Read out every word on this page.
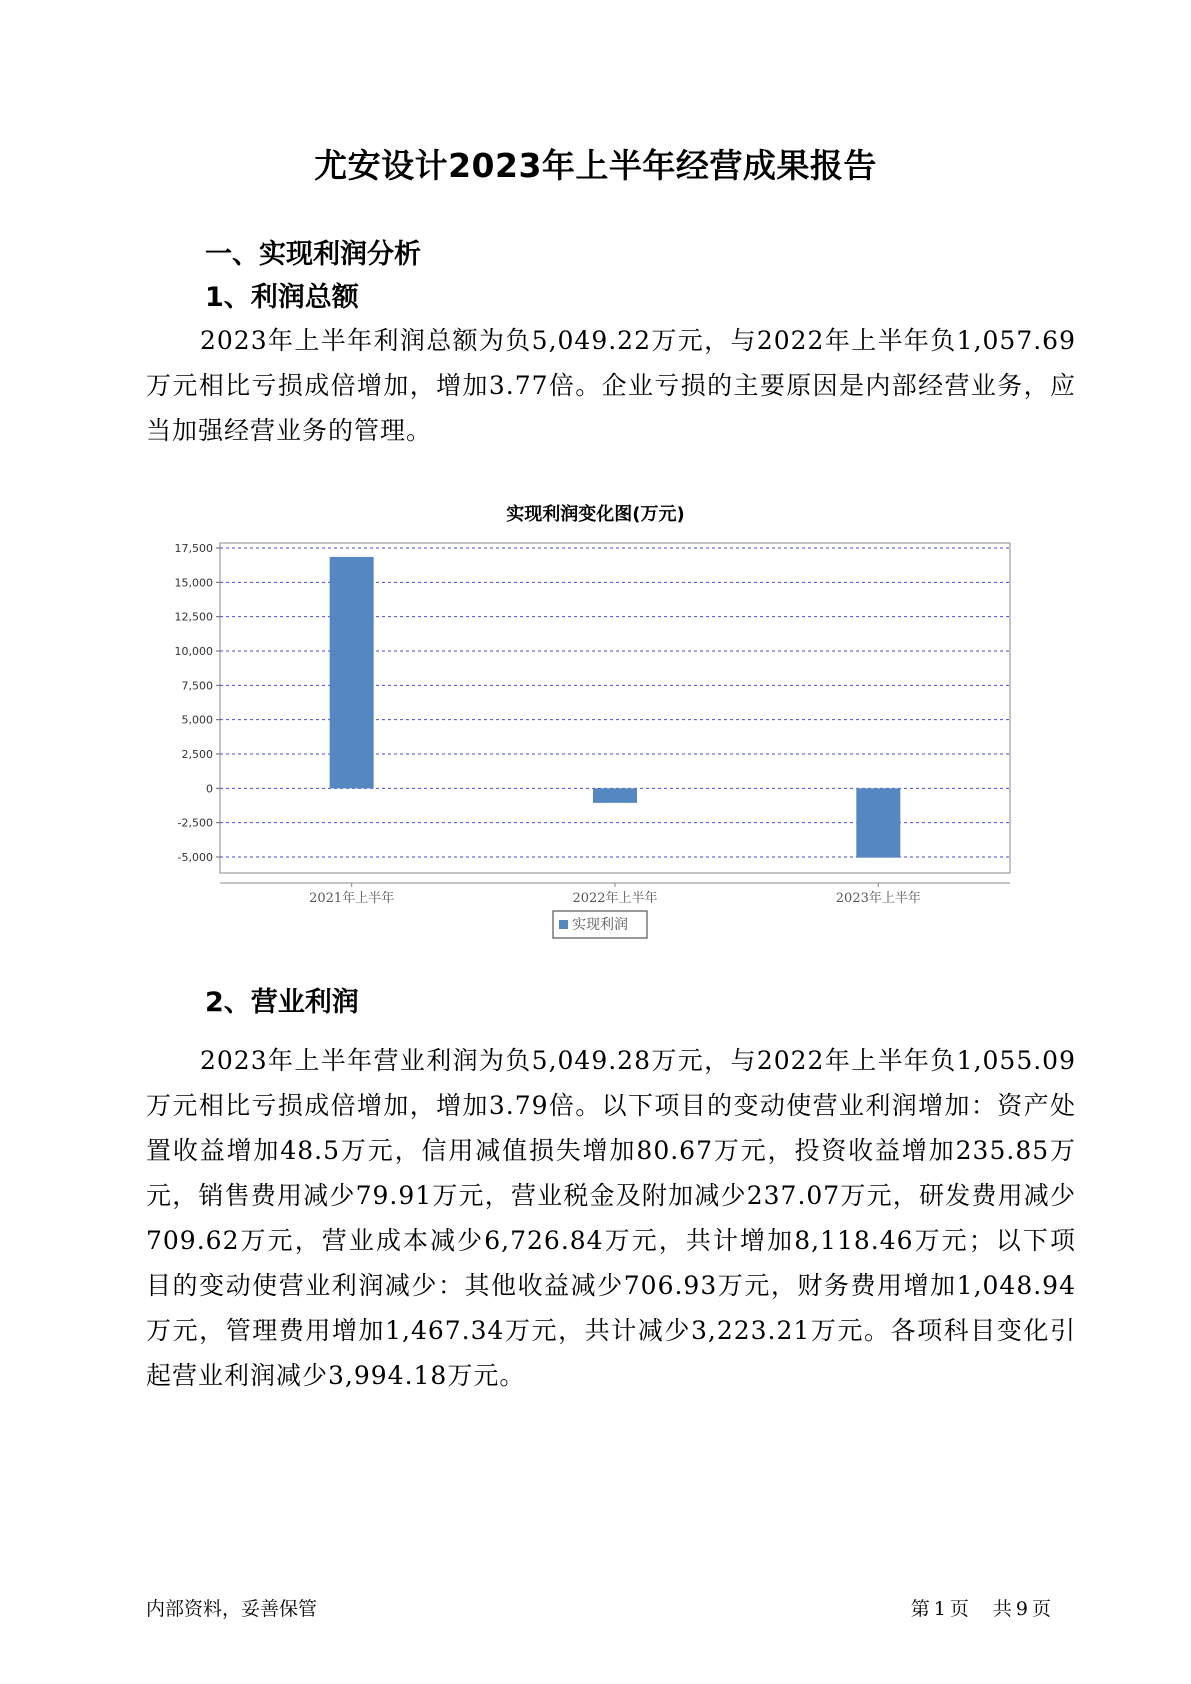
尤安设计2023年上半年经营成果报告
一、实现利润分析
1、利润总额
2023年上半年利润总额为负5,049.22万元，与2022年上半年负1,057.69万元相比亏损成倍增加，增加3.77倍。企业亏损的主要原因是内部经营业务，应当加强经营业务的管理。
实现利润变化图(万元)
17,500
15,000
12,500
10,000
7,500
5,000
2,500
0
-2,500
-5,000
2021年上半年	2022年上半年	2023年上半年
实现利润
2、营业利润
2023年上半年营业利润为负5,049.28万元，与2022年上半年负1,055.09万元相比亏损成倍增加，增加3.79倍。以下项目的变动使营业利润增加：资产处置收益增加48.5万元，信用减值损失增加80.67万元，投资收益增加235.85万元，销售费用减少79.91万元，营业税金及附加减少237.07万元，研发费用减少709.62万元，营业成本减少6,726.84万元，共计增加8,118.46万元；以下项目的变动使营业利润减少：其他收益减少706.93万元，财务费用增加1,048.94万元，管理费用增加1,467.34万元，共计减少3,223.21万元。各项科目变化引起营业利润减少3,994.18万元。
内部资料，妥善保管	第 1 页 共 9 页
